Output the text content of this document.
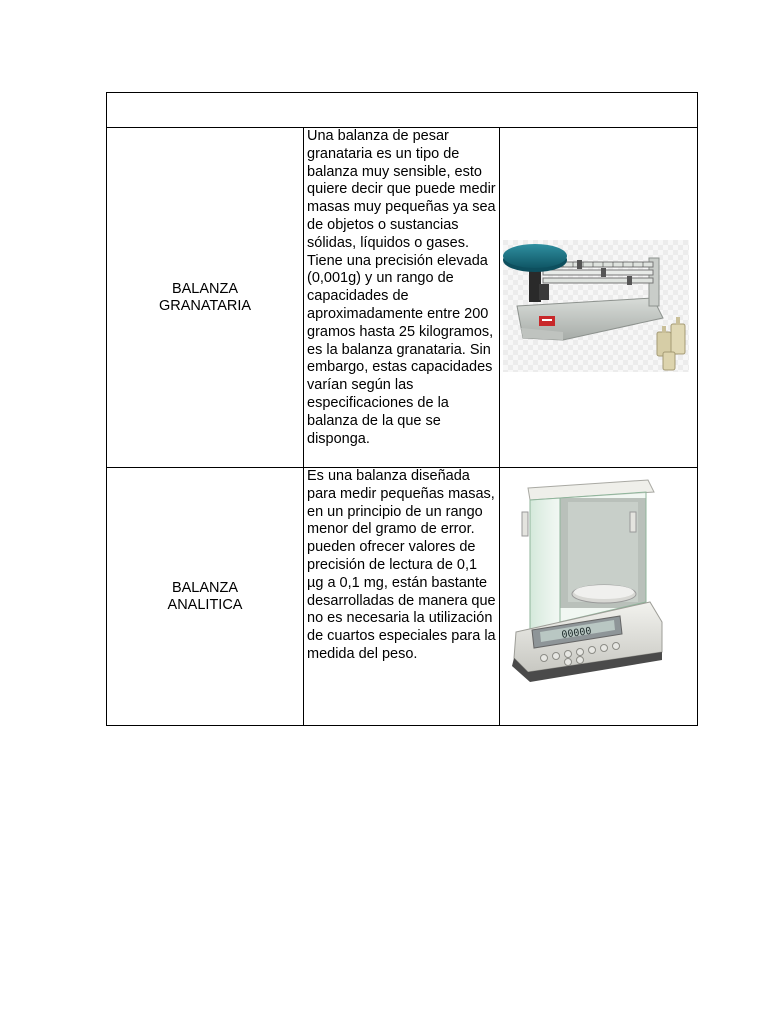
BALANZA
GRANATARIA	Una balanza de pesar granataria es un tipo de balanza muy sensible, esto quiere decir que puede medir masas muy pequeñas ya sea de objetos o sustancias sólidas, líquidos o gases. Tiene una precisión elevada (0,001g) y un rango de capacidades de aproximadamente entre 200 gramos hasta 25 kilogramos, es la balanza granataria. Sin embargo, estas capacidades varían según las especificaciones de la balanza de la que se disponga.

BALANZA
ANALITICA	Es una balanza diseñada para medir pequeñas masas, en un principio de un rango menor del gramo de error. pueden ofrecer valores de precisión de lectura de 0,1 µg a 0,1 mg, están bastante desarrolladas de manera que no es necesaria la utilización de cuartos especiales para la medida del peso.	00000
